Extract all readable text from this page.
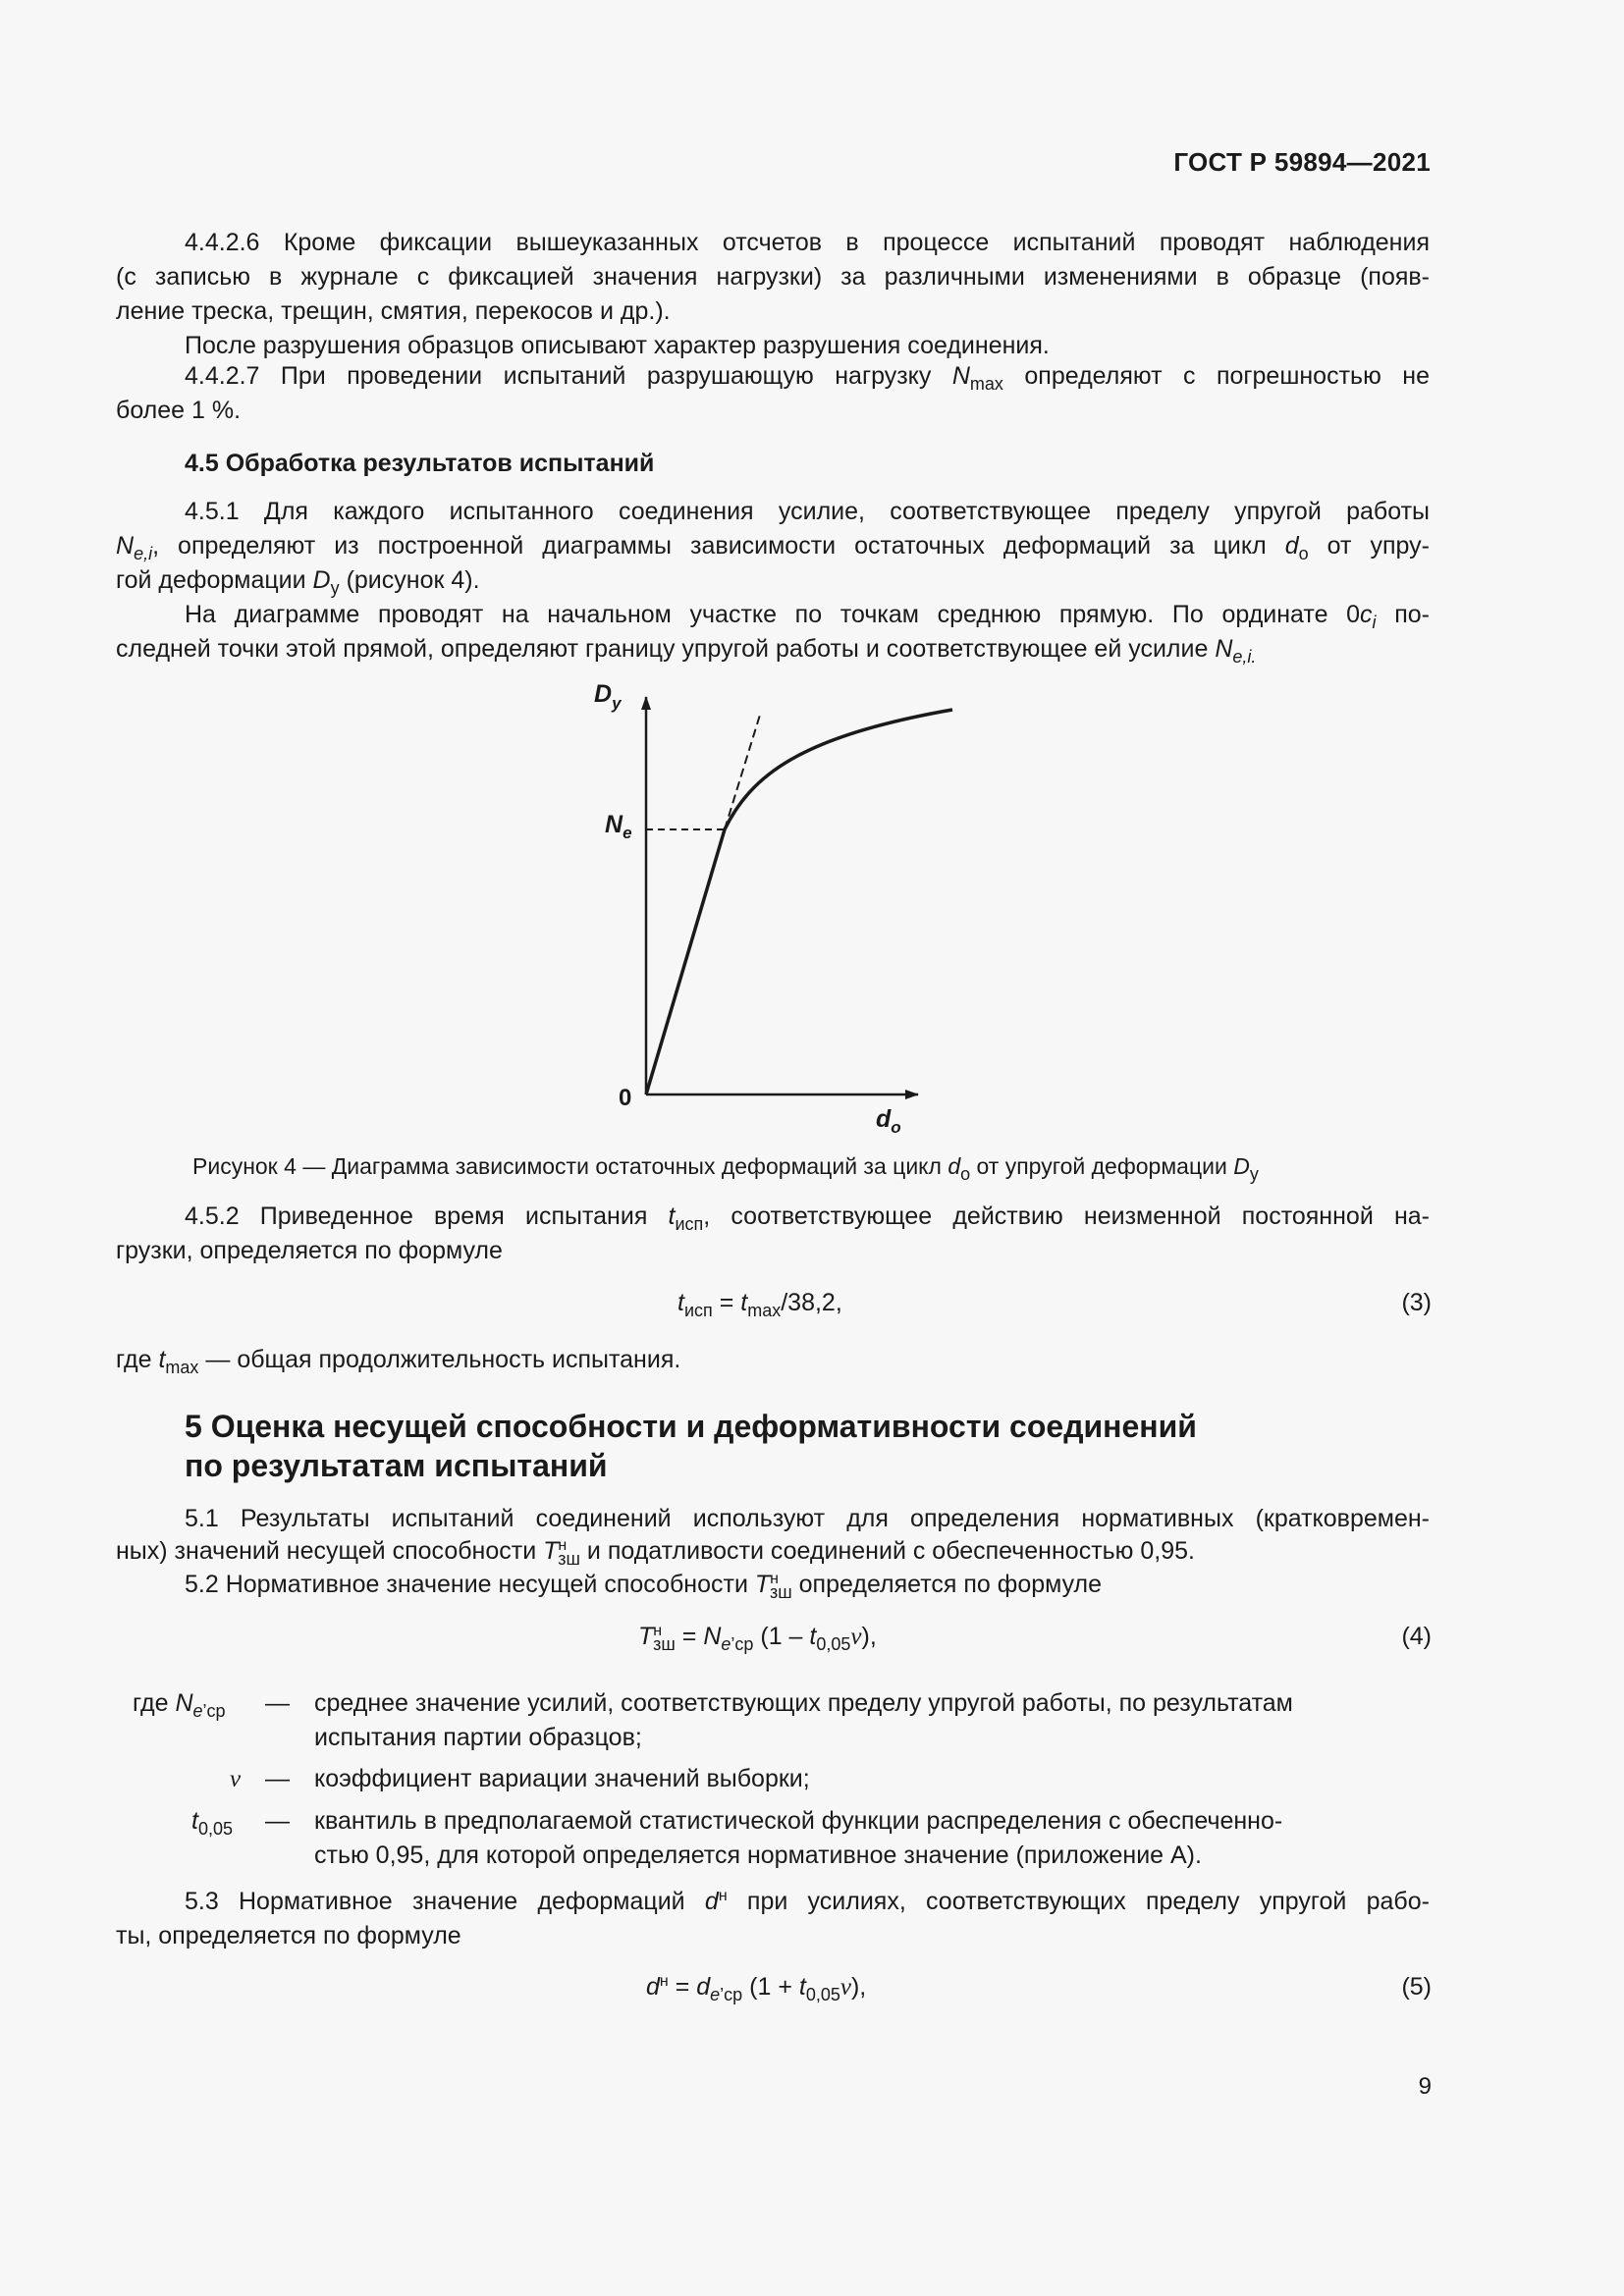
ГОСТ Р 59894—2021
4.4.2.6 Кроме фиксации вышеуказанных отсчетов в процессе испытаний проводят наблюдения
(с записью в журнале с фиксацией значения нагрузки) за различными изменениями в образце (появ-
ление треска, трещин, смятия, перекосов и др.).
После разрушения образцов описывают характер разрушения соединения.
4.4.2.7 При проведении испытаний разрушающую нагрузку $N_{max}$ определяют с погрешностью не
более 1 %.
4.5 Обработка результатов испытаний
4.5.1 Для каждого испытанного соединения усилие, соответствующее пределу упругой работы
$N_{e,i}$, определяют из построенной диаграммы зависимости остаточных деформаций за цикл $d_о$ от упру-
гой деформации $D_у$ (рисунок 4).
На диаграмме проводят на начальном участке по точкам среднюю прямую. По ординате $0c_i$ по-
следней точки этой прямой, определяют границу упругой работы и соответствующее ей усилие $N_{e,i.}$
$D_у$
$N_e$
0
$d_о$
Рисунок 4 — Диаграмма зависимости остаточных деформаций за цикл $d_о$ от упругой деформации $D_у$
4.5.2 Приведенное время испытания $t_{исп}$, соответствующее действию неизменной постоянной на-
грузки, определяется по формуле
$t_{исп} = t_{max}/38,2$,	(3)
где $t_{max}$ — общая продолжительность испытания.
5 Оценка несущей способности и деформативности соединений
по результатам испытаний
5.1 Результаты испытаний соединений используют для определения нормативных (кратковремен-
ных) значений несущей способности $T^н_{зш}$ и податливости соединений с обеспеченностью 0,95.
5.2 Нормативное значение несущей способности $T^н_{зш}$ определяется по формуле
$T^н_{зш} = N_{e’ср}$ $(1 - t_{0,05}\nu)$,	(4)
где $N_{e’ср}$ — среднее значение усилий, соответствующих пределу упругой работы, по результатам
испытания партии образцов;
ν — коэффициент вариации значений выборки;
$t_{0,05}$ — квантиль в предполагаемой статистической функции распределения с обеспеченно-
стью 0,95, для которой определяется нормативное значение (приложение А).
5.3 Нормативное значение деформаций $d^н$ при усилиях, соответствующих пределу упругой рабо-
ты, определяется по формуле
$d^н = d_{e’ср}$ $(1 + t_{0,05}\nu)$,	(5)
9
